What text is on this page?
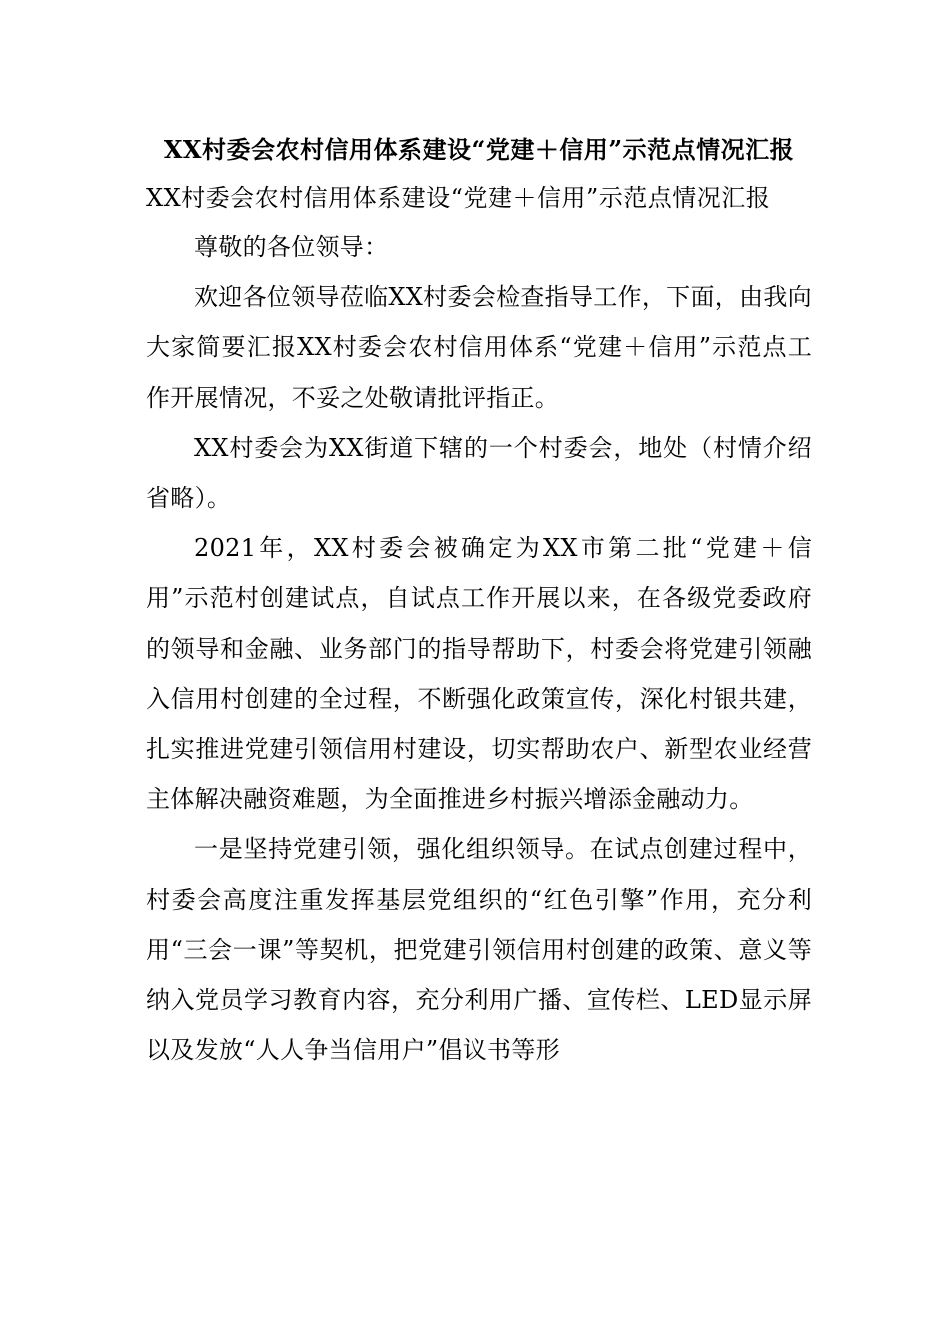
XX村委会农村信用体系建设“党建＋信用”示范点情况汇报

XX村委会农村信用体系建设“党建＋信用”示范点情况汇报

尊敬的各位领导：

欢迎各位领导莅临XX村委会检查指导工作，下面，由我向大家简要汇报XX村委会农村信用体系“党建＋信用”示范点工作开展情况，不妥之处敬请批评指正。

XX村委会为XX街道下辖的一个村委会，地处（村情介绍省略）。

2021年，XX村委会被确定为XX市第二批“党建＋信用”示范村创建试点，自试点工作开展以来，在各级党委政府的领导和金融、业务部门的指导帮助下，村委会将党建引领融入信用村创建的全过程，不断强化政策宣传，深化村银共建，扎实推进党建引领信用村建设，切实帮助农户、新型农业经营主体解决融资难题，为全面推进乡村振兴增添金融动力。

一是坚持党建引领，强化组织领导。在试点创建过程中，村委会高度注重发挥基层党组织的“红色引擎”作用，充分利用“三会一课”等契机，把党建引领信用村创建的政策、意义等纳入党员学习教育内容，充分利用广播、宣传栏、LED显示屏以及发放“人人争当信用户”倡议书等形
